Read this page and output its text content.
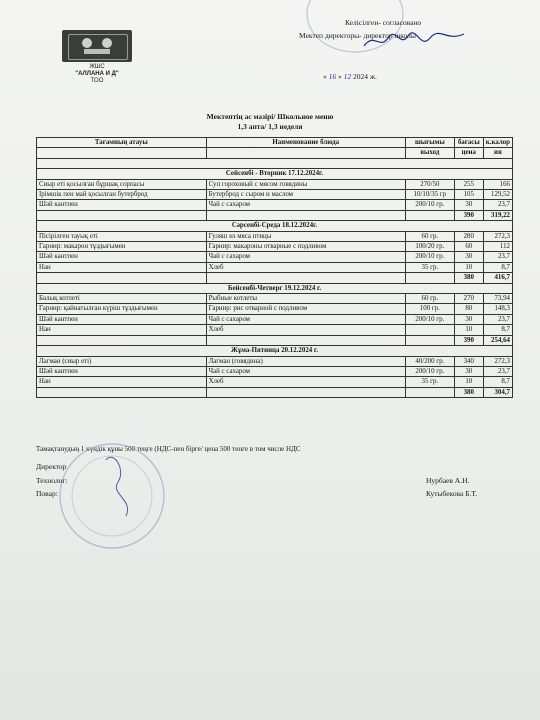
ЖШС
"АЛЛАНА И Д"
ТОО
Келісілген- согласовано
Мектеп директоры- директор школы
« 16 » 12 2024 ж.
Мектептің ас мәзірі/ Школьное меню
1,3 апта/ 1,3 неделя
Тағамның атауы	Наименование блюда	шығымы	бағасы	к.калор
		выход	цена	ия

Сейсенбі - Вторник 17.12.2024г.				
Сиыр еті қосылған бұршақ сорпасы	Суп гороховый с мясом говядины	270/50	255	166
Ірімшік пен май қосылған бутерброд	Бутерброд с сыром и маслом	10/10/35 гр	105	129,52
Шәй кантпен	Чай с сахаром	200/10 гр.	30	23,7
			390	319,22
Сәрсенбі-Среда 18.12.2024г.				
Пісірілген тауық еті	Гуляш из мяса птицы	60 гр.	280	272,3
Гарнир: макарон тұздығымен	Гарнир: макароны отварные с подливом	100/20 гр.	60	112
Шәй кантпен	Чай с сахаром	200/10 гр.	30	23,7
Нан	Хлеб	35 гр.	10	8,7
			380	416,7
Бейсенбі-Четверг 19.12.2024 г.				
Балық котлеті	Рыбные котлеты	60 гр.	270	73,94
Гарнир: қайнатылған күріш тұздығымен	Гарнир: рис отварной с подливом	100 гр.	80	148,3
Шәй кантпен	Чай с сахаром	200/10 гр.	30	23,7
Нан	Хлеб		10	8,7
			390	254,64
Жұма-Пятница 20.12.2024 г.				
Лагман (сиыр еті)	Лагман (говядина)	40/200 гр.	340	272,3
Шәй кантпен	Чай с сахаром	200/10 гр.	30	23,7
Нан	Хлеб	35 гр.	10	8,7
			380	304,7
Тамақтанудың 1 күндік құны 500 теңге (НДС-пен бірге/ цена 500 тенге в том числе НДС
Директор
Технолог:
Повар:
Нурбаев А.Н.
Кутыбекова Б.Т.
